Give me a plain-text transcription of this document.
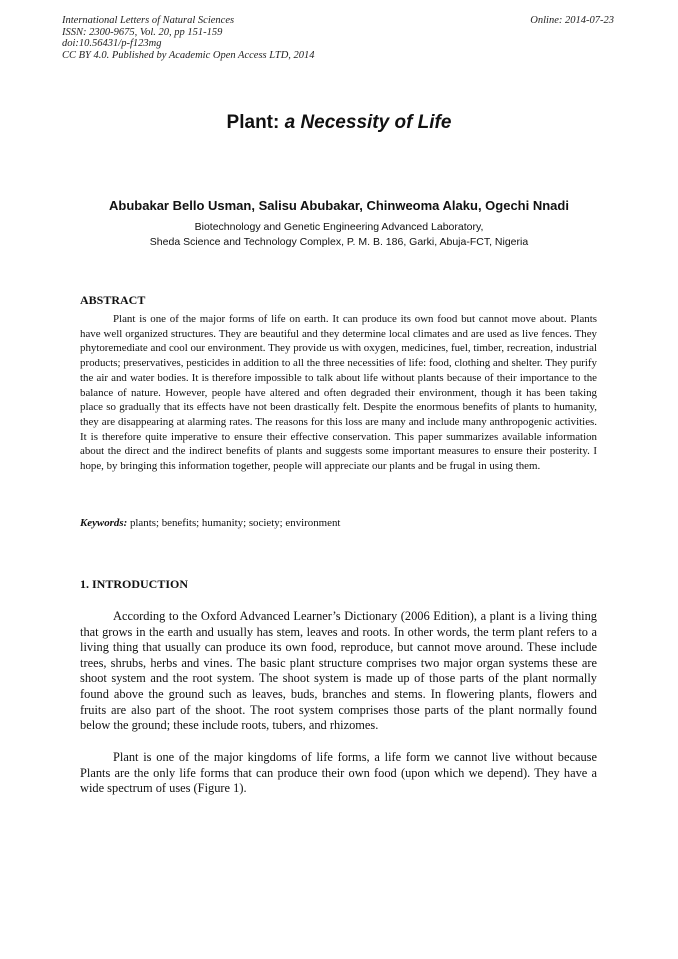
International Letters of Natural Sciences
ISSN: 2300-9675, Vol. 20, pp 151-159
doi:10.56431/p-f123mg
CC BY 4.0. Published by Academic Open Access LTD, 2014
Online: 2014-07-23
Plant: a Necessity of Life
Abubakar Bello Usman, Salisu Abubakar, Chinweoma Alaku, Ogechi Nnadi
Biotechnology and Genetic Engineering Advanced Laboratory,
Sheda Science and Technology Complex, P. M. B. 186, Garki, Abuja-FCT, Nigeria
ABSTRACT
Plant is one of the major forms of life on earth. It can produce its own food but cannot move about. Plants have well organized structures. They are beautiful and they determine local climates and are used as live fences. They phytoremediate and cool our environment. They provide us with oxygen, medicines, fuel, timber, recreation, industrial products; preservatives, pesticides in addition to all the three necessities of life: food, clothing and shelter. They purify the air and water bodies. It is therefore impossible to talk about life without plants because of their importance to the balance of nature. However, people have altered and often degraded their environment, though it has been taking place so gradually that its effects have not been drastically felt. Despite the enormous benefits of plants to humanity, they are disappearing at alarming rates. The reasons for this loss are many and include many anthropogenic activities. It is therefore quite imperative to ensure their effective conservation. This paper summarizes available information about the direct and the indirect benefits of plants and suggests some important measures to ensure their posterity. I hope, by bringing this information together, people will appreciate our plants and be frugal in using them.
Keywords: plants; benefits; humanity; society; environment
1. INTRODUCTION

According to the Oxford Advanced Learner’s Dictionary (2006 Edition), a plant is a living thing that grows in the earth and usually has stem, leaves and roots. In other words, the term plant refers to a living thing that usually can produce its own food, reproduce, but cannot move around. These include trees, shrubs, herbs and vines. The basic plant structure comprises two major organ systems these are shoot system and the root system. The shoot system is made up of those parts of the plant normally found above the ground such as leaves, buds, branches and stems. In flowering plants, flowers and fruits are also part of the shoot. The root system comprises those parts of the plant normally found below the ground; these include roots, tubers, and rhizomes.

Plant is one of the major kingdoms of life forms, a life form we cannot live without because Plants are the only life forms that can produce their own food (upon which we depend). They have a wide spectrum of uses (Figure 1).
